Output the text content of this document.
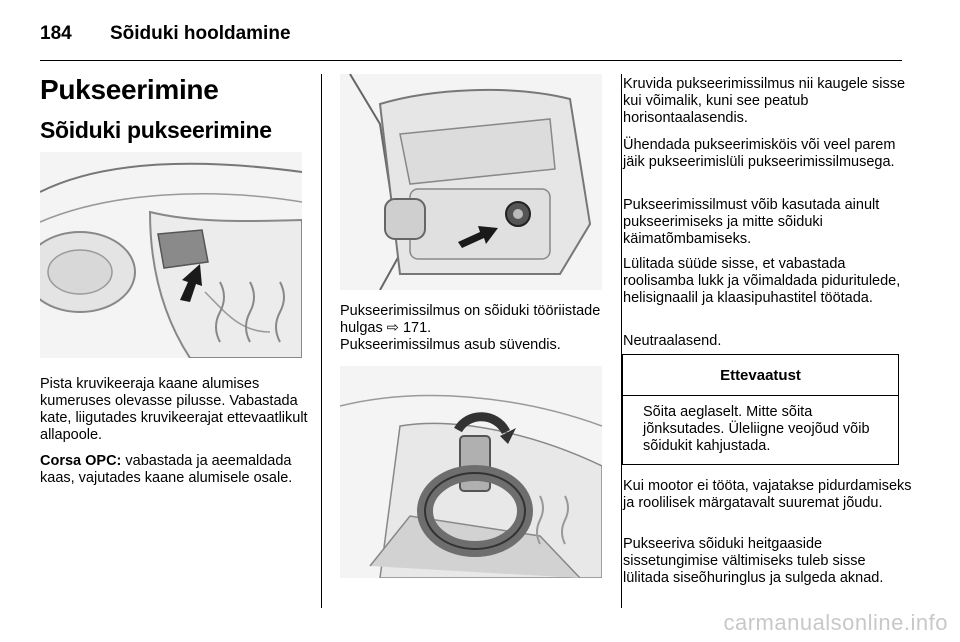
184	Sõiduki hooldamine
Pukseerimine
Sõiduki pukseerimine

Pista kruvikeeraja kaane alumises kumeruses olevasse pilusse. Vabastada kate, liigutades kruvikeerajat ettevaatlikult allapoole.

Corsa OPC: vabastada ja aeemaldada kaas, vajutades kaane alumisele osale.

Pukseerimissilmus on sõiduki tööriistade hulgas ⇨ 171.
Pukseerimissilmus asub süvendis.

Kruvida pukseerimissilmus nii kaugele sisse kui võimalik, kuni see peatub horisontaalasendis.

Ühendada pukseerimisköis või veel parem jäik pukseerimislüli pukseerimissilmusega.

Pukseerimissilmust võib kasutada ainult pukseerimiseks ja mitte sõiduki käimatõmbamiseks.

Lülitada süüde sisse, et vabastada roolisamba lukk ja võimaldada piduritulede, helisignaalil ja klaasipuhastitel töötada.

Neutraalasend.

Ettevaatust
Sõita aeglaselt. Mitte sõita jõnksutades. Üleliigne veojõud võib sõidukit kahjustada.

Kui mootor ei tööta, vajatakse pidurdamiseks ja roolilisek märgatavalt suuremat jõudu.

Pukseeriva sõiduki heitgaaside sissetungimise vältimiseks tuleb sisse lülitada siseõhuringlus ja sulgeda aknad.

carmanualsonline.info
